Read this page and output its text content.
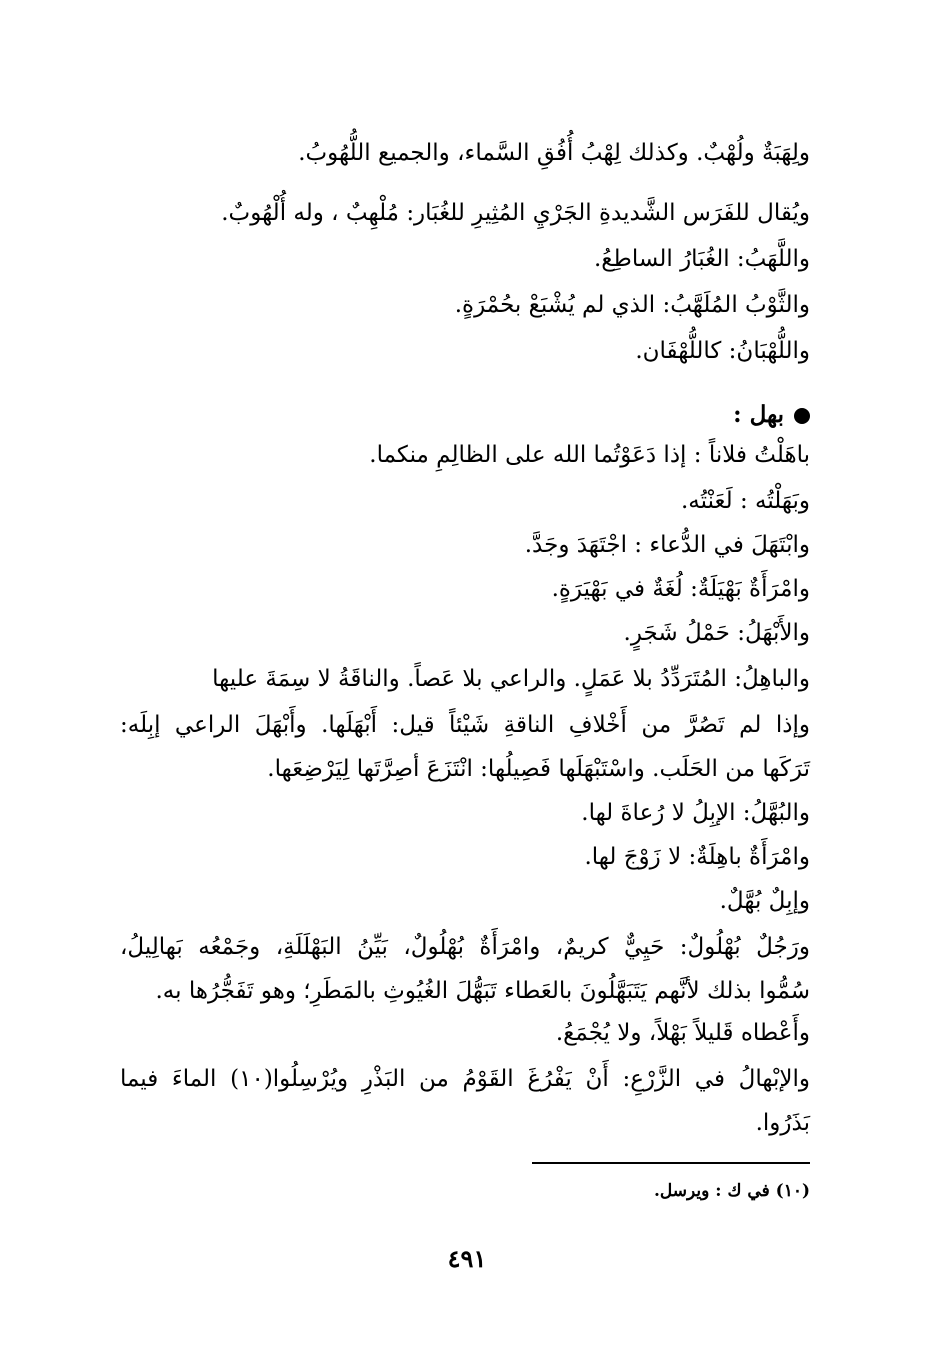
ولِهَبَةٌ ولُهْبٌ. وكذلك لِهْبُ أُفُقِ السَّماء، والجميع اللُّهُوبُ.
ويُقال للفَرَس الشَّديدةِ الجَرْيِ المُثِيرِ للغُبَار: مُلْهِبٌ ، وله أُلْهُوبٌ.
واللَّهَبُ: الغُبَارُ الساطِعُ.
والثَّوْبُ المُلَهَّبُ: الذي لم يُشْبَعْ بحُمْرَةٍ.
واللُّهْبَانُ: كاللُّهْفَان.
بهل :
باهَلْتُ فلاناً : إذا دَعَوْتُما الله على الظالِمِ منكما.
وبَهَلْتُه : لَعَنْتُه.
وابْتَهَلَ في الدُّعاء : اجْتَهَدَ وجَدَّ.
وامْرَأَةٌ بَهْيَلَةٌ: لُغَةٌ في بَهْيَرَةٍ.
والأَبْهَلُ: حَمْلُ شَجَرٍ.
والباهِلُ: المُتَرَدِّدُ بلا عَمَلٍ. والراعي بلا عَصاً. والناقَةُ لا سِمَةَ عليها
وإذا لم تَصُرَّ من أَخْلافِ الناقةِ شَيْئاً قيل: أَبْهَلَها. وأَبْهَلَ الراعي إبِلَه:
تَرَكَها من الحَلَب. واسْتَبْهَلَها فَصِيلُها: انْتَزَعَ أصِرَّتَها لِيَرْضِعَها.
والبُهَّلُ: الإبِلُ لا رُعاةَ لها.
وامْرَأَةٌ باهِلَةٌ: لا زَوْجَ لها.
وإبِلٌ بُهَّلٌ.
ورَجُلٌ بُهْلُولٌ: حَيِيٌّ كريمٌ، وامْرَأَةٌ بُهْلُولٌ، بَيِّنُ البَهْلَلَةِ، وجَمْعُه بَهالِيلُ،
سُمُّوا بذلك لأنَّهم يَتَبَهَّلُونَ بالعَطاء تَبَهُّلَ الغُيُوثِ بالمَطَرِ؛ وهو تَفَجُّرُها به.
وأَعْطاه قَليلاً بَهْلاً، ولا يُجْمَعُ.
والإبْهالُ في الزَّرْعِ: أَنْ يَفْرُغَ القَوْمُ من البَذْرِ ويُرْسِلُوا(١٠) الماءَ فيما
بَذَرُوا.
(١٠) في ك : ويرسل.
٤٩١
